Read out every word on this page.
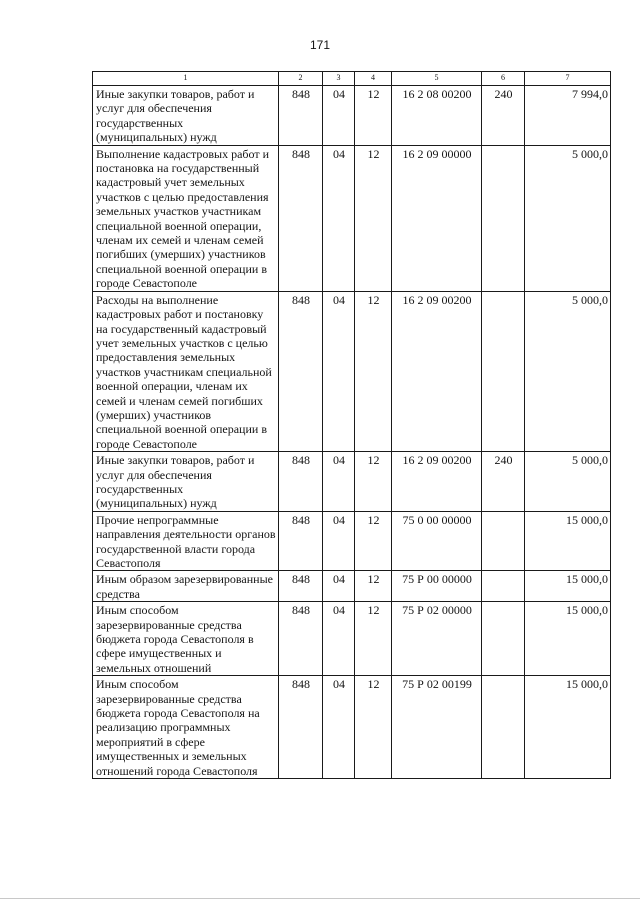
171
1	2	3	4	5	6	7
Иные закупки товаров, работ и услуг для обеспечения государственных (муниципальных) нужд	848	04	12	16 2 08 00200	240	7 994,0
Выполнение кадастровых работ и постановка на государственный кадастровый учет земельных участков с целью предоставления земельных участков участникам специальной военной операции, членам их семей и членам семей погибших (умерших) участников специальной военной операции в городе Севастополе	848	04	12	16 2 09 00000		5 000,0
Расходы на выполнение кадастровых работ и постановку на государственный кадастровый учет земельных участков с целью предоставления земельных участков участникам специальной военной операции, членам их семей и членам семей погибших (умерших) участников специальной военной операции в городе Севастополе	848	04	12	16 2 09 00200		5 000,0
Иные закупки товаров, работ и услуг для обеспечения государственных (муниципальных) нужд	848	04	12	16 2 09 00200	240	5 000,0
Прочие непрограммные направления деятельности органов государственной власти города Севастополя	848	04	12	75 0 00 00000		15 000,0
Иным образом зарезервированные средства	848	04	12	75 Р 00 00000		15 000,0
Иным способом зарезервированные средства бюджета города Севастополя в сфере имущественных и земельных отношений	848	04	12	75 Р 02 00000		15 000,0
Иным способом зарезервированные средства бюджета города Севастополя на реализацию программных мероприятий в сфере имущественных и земельных отношений города Севастополя	848	04	12	75 Р 02 00199		15 000,0
